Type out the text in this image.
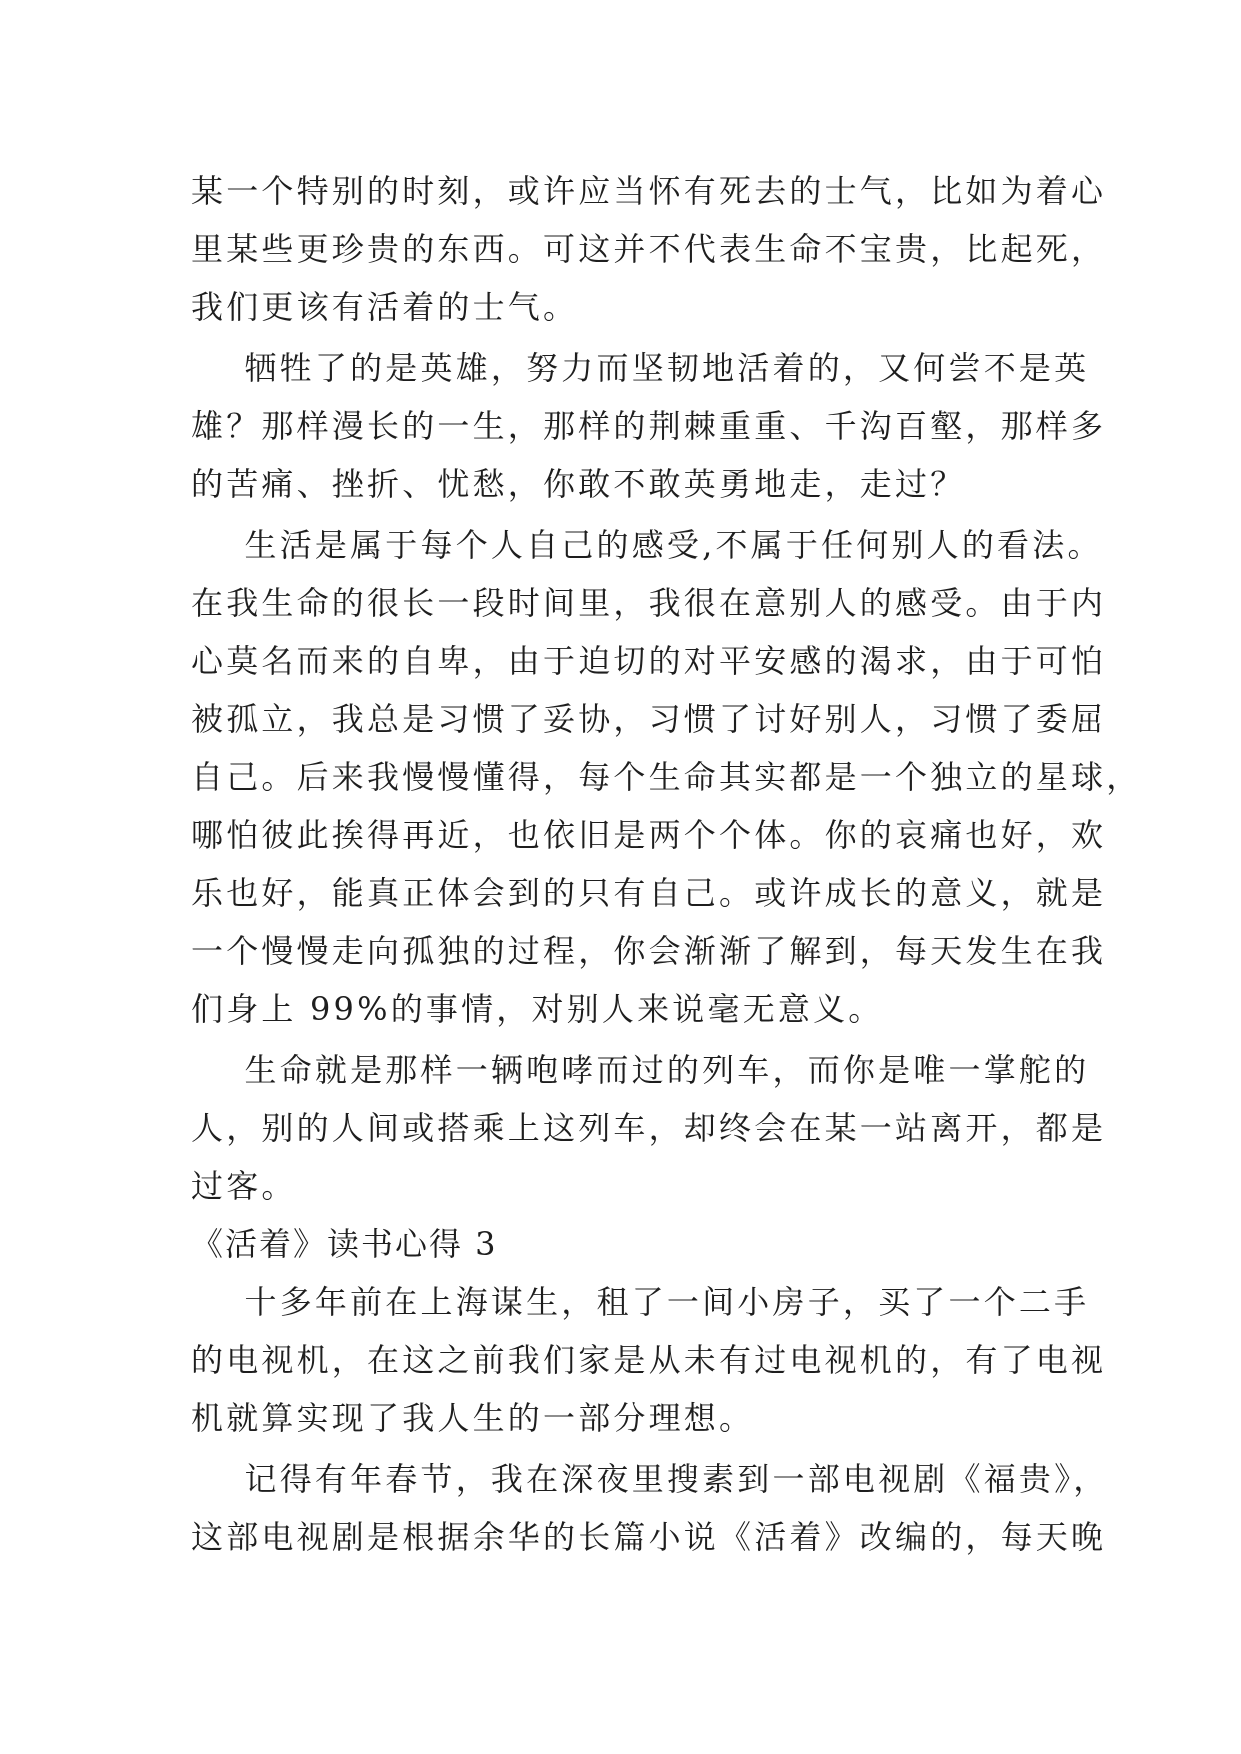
某一个特别的时刻，或许应当怀有死去的士气，比如为着心
里某些更珍贵的东西。可这并不代表生命不宝贵，比起死，
我们更该有活着的士气。
牺牲了的是英雄，努力而坚韧地活着的，又何尝不是英
雄？那样漫长的一生，那样的荆棘重重、千沟百壑，那样多
的苦痛、挫折、忧愁，你敢不敢英勇地走，走过？
生活是属于每个人自己的感受,不属于任何别人的看法。
在我生命的很长一段时间里，我很在意别人的感受。由于内
心莫名而来的自卑，由于迫切的对平安感的渴求，由于可怕
被孤立，我总是习惯了妥协，习惯了讨好别人，习惯了委屈
自己。后来我慢慢懂得，每个生命其实都是一个独立的星球，
哪怕彼此挨得再近，也依旧是两个个体。你的哀痛也好，欢
乐也好，能真正体会到的只有自己。或许成长的意义，就是
一个慢慢走向孤独的过程，你会渐渐了解到，每天发生在我
们身上 99%的事情，对别人来说毫无意义。
生命就是那样一辆咆哮而过的列车，而你是唯一掌舵的
人，别的人间或搭乘上这列车，却终会在某一站离开，都是
过客。
《活着》读书心得 3
十多年前在上海谋生，租了一间小房子，买了一个二手
的电视机，在这之前我们家是从未有过电视机的，有了电视
机就算实现了我人生的一部分理想。
记得有年春节，我在深夜里搜素到一部电视剧《福贵》，
这部电视剧是根据余华的长篇小说《活着》改编的，每天晚
